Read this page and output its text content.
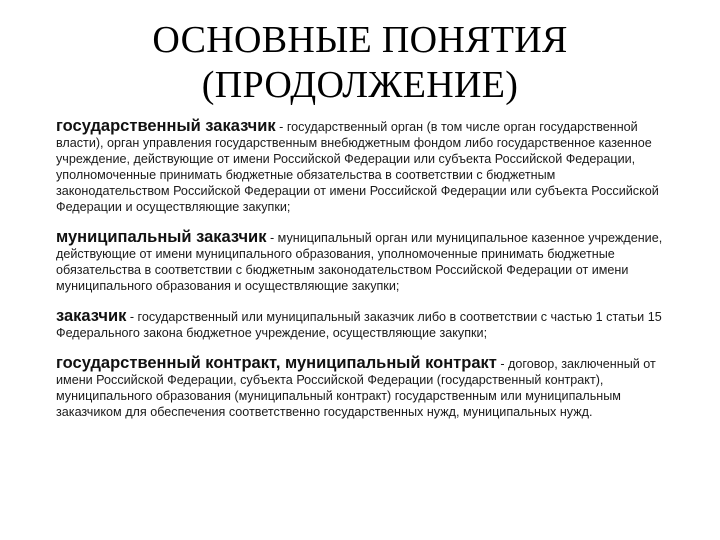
ОСНОВНЫЕ ПОНЯТИЯ
(ПРОДОЛЖЕНИЕ)

государственный заказчик - государственный орган (в том числе орган государственной власти), орган управления государственным внебюджетным фондом либо государственное казенное учреждение, действующие от имени Российской Федерации или субъекта Российской Федерации, уполномоченные принимать бюджетные обязательства в соответствии с бюджетным законодательством Российской Федерации от имени Российской Федерации или субъекта Российской Федерации и осуществляющие закупки;

муниципальный заказчик - муниципальный орган или муниципальное казенное учреждение, действующие от имени муниципального образования, уполномоченные принимать бюджетные обязательства в соответствии с бюджетным законодательством Российской Федерации от имени муниципального образования и осуществляющие закупки;

заказчик - государственный или муниципальный заказчик либо в соответствии с частью 1 статьи 15 Федерального закона бюджетное учреждение, осуществляющие закупки;

государственный контракт, муниципальный контракт - договор, заключенный от имени Российской Федерации, субъекта Российской Федерации (государственный контракт), муниципального образования (муниципальный контракт) государственным или муниципальным заказчиком для обеспечения соответственно государственных нужд, муниципальных нужд.
